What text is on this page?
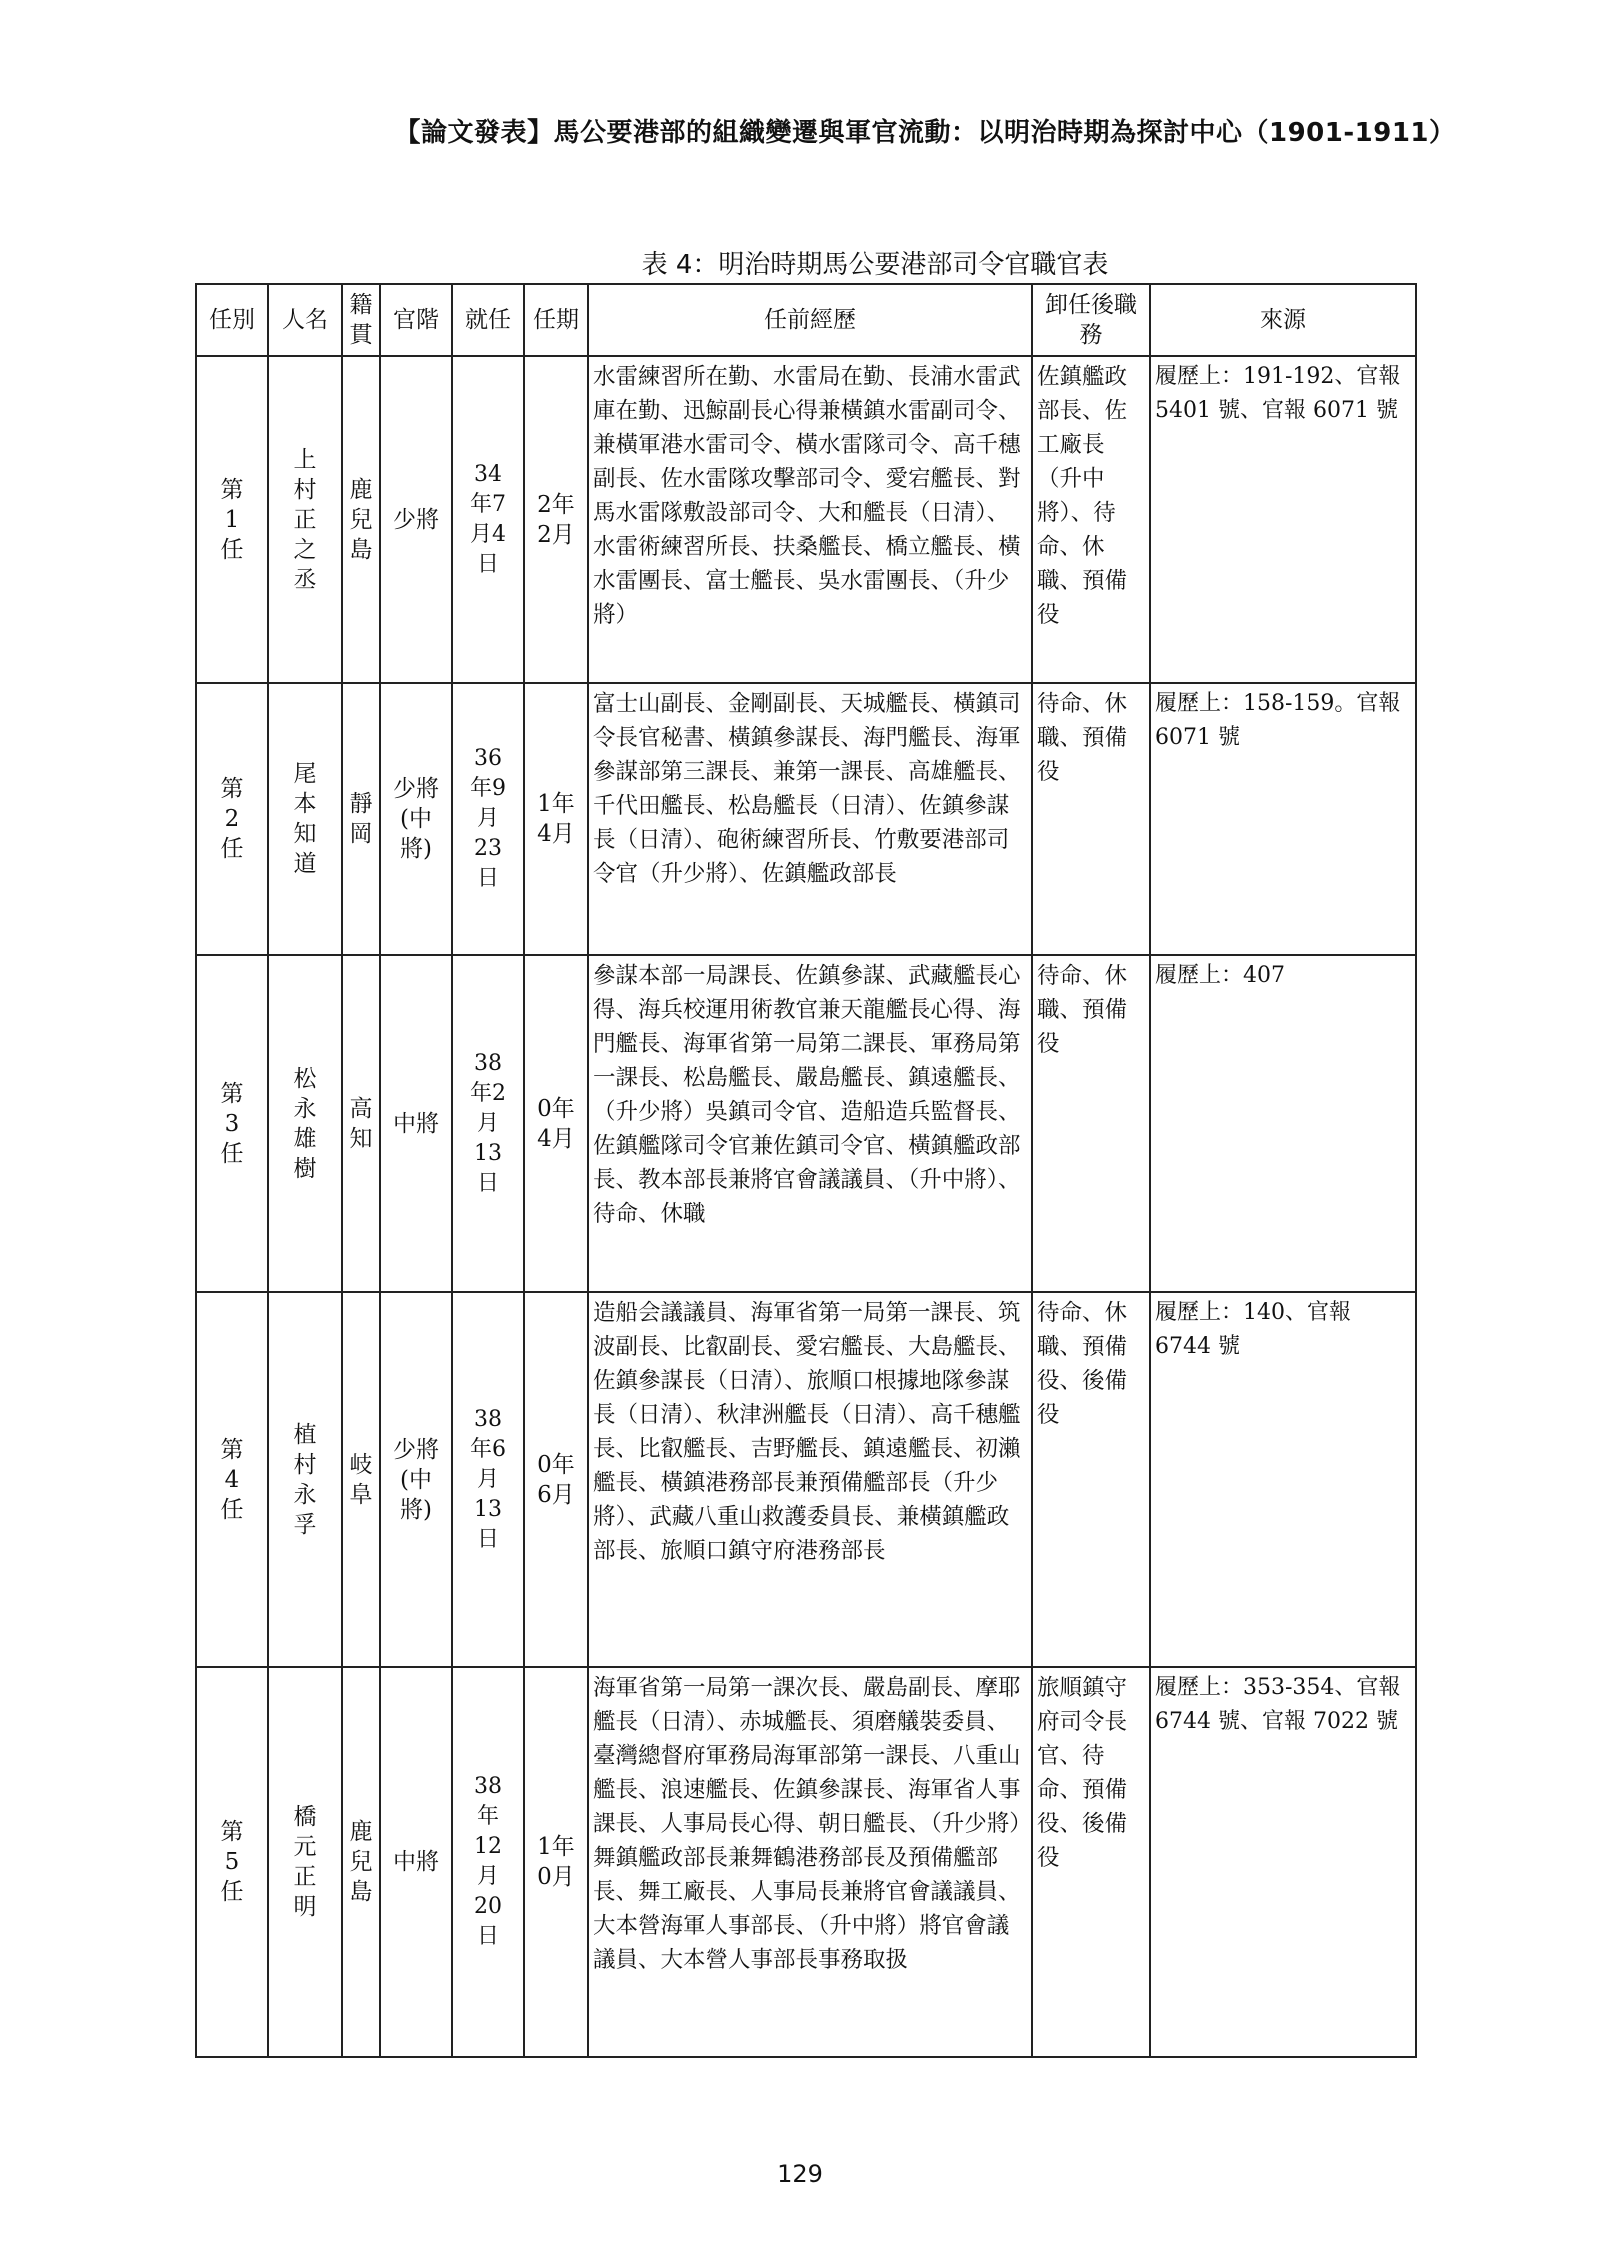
【論文發表】馬公要港部的組織變遷與軍官流動：以明治時期為探討中心（1901-1911）
表 4：明治時期馬公要港部司令官職官表
任別	人名	籍貫	官階	就任	任期	任前經歷	卸任後職務	來源
第1任	上村正之丞	鹿兒島	少將	34年7月4日	2年2月	水雷練習所在勤、水雷局在勤、長浦水雷武庫在勤、迅鯨副長心得兼橫鎮水雷副司令、兼橫軍港水雷司令、橫水雷隊司令、高千穗副長、佐水雷隊攻擊部司令、愛宕艦長、對馬水雷隊敷設部司令、大和艦長（日清）、水雷術練習所長、扶桑艦長、橋立艦長、橫水雷團長、富士艦長、吳水雷團長、（升少將）	佐鎮艦政部長、佐工廠長（升中將）、待命、休職、預備役	履歷上：191-192、官報 5401 號、官報 6071 號
第2任	尾本知道	靜岡	少將(中將)	36年9月23日	1年4月	富士山副長、金剛副長、天城艦長、橫鎮司令長官秘書、橫鎮參謀長、海門艦長、海軍參謀部第三課長、兼第一課長、高雄艦長、千代田艦長、松島艦長（日清）、佐鎮參謀長（日清）、砲術練習所長、竹敷要港部司令官（升少將）、佐鎮艦政部長	待命、休職、預備役	履歷上：158-159。官報 6071 號
第3任	松永雄樹	高知	中將	38年2月13日	0年4月	參謀本部一局課長、佐鎮參謀、武藏艦長心得、海兵校運用術教官兼天龍艦長心得、海門艦長、海軍省第一局第二課長、軍務局第一課長、松島艦長、嚴島艦長、鎮遠艦長、（升少將）吳鎮司令官、造船造兵監督長、佐鎮艦隊司令官兼佐鎮司令官、橫鎮艦政部長、教本部長兼將官會議議員、（升中將）、待命、休職	待命、休職、預備役	履歷上：407
第4任	植村永孚	岐阜	少將(中將)	38年6月13日	0年6月	造船会議議員、海軍省第一局第一課長、筑波副長、比叡副長、愛宕艦長、大島艦長、佐鎮參謀長（日清）、旅順口根據地隊參謀長（日清）、秋津洲艦長（日清）、高千穗艦長、比叡艦長、吉野艦長、鎮遠艦長、初瀨艦長、橫鎮港務部長兼預備艦部長（升少將）、武藏八重山救護委員長、兼橫鎮艦政部長、旅順口鎮守府港務部長	待命、休職、預備役、後備役	履歷上：140、官報 6744 號
第5任	橋元正明	鹿兒島	中將	38年12月20日	1年0月	海軍省第一局第一課次長、嚴島副長、摩耶艦長（日清）、赤城艦長、須磨艤裝委員、臺灣總督府軍務局海軍部第一課長、八重山艦長、浪速艦長、佐鎮參謀長、海軍省人事課長、人事局長心得、朝日艦長、（升少將）舞鎮艦政部長兼舞鶴港務部長及預備艦部長、舞工廠長、人事局長兼將官會議議員、大本營海軍人事部長、（升中將）將官會議議員、大本營人事部長事務取扱	旅順鎮守府司令長官、待命、預備役、後備役	履歷上：353-354、官報 6744 號、官報 7022 號
129
